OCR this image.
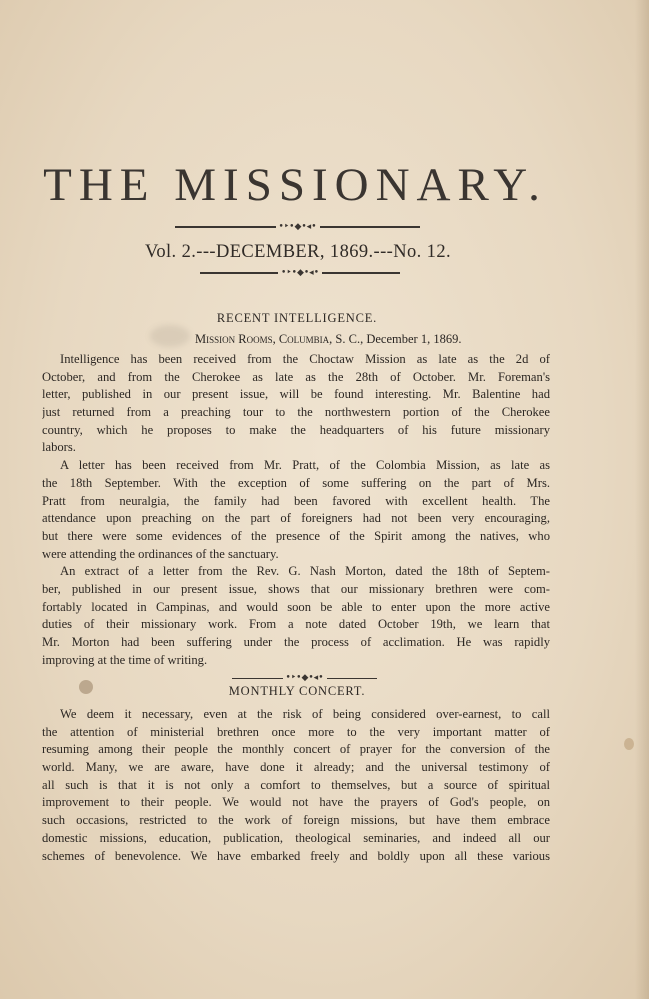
THE MISSIONARY.
•‣•◆•◂•
Vol. 2.---DECEMBER, 1869.---No. 12.
•‣•◆•◂•
RECENT INTELLIGENCE.
Mission Rooms, Columbia, S. C., December 1, 1869.
Intelligence has been received from the Choctaw Mission as late as the 2d of
October, and from the Cherokee as late as the 28th of October. Mr. Foreman's
letter, published in our present issue, will be found interesting. Mr. Balentine had
just returned from a preaching tour to the northwestern portion of the Cherokee
country, which he proposes to make the headquarters of his future missionary
labors.
A letter has been received from Mr. Pratt, of the Colombia Mission, as late as
the 18th September. With the exception of some suffering on the part of Mrs.
Pratt from neuralgia, the family had been favored with excellent health. The
attendance upon preaching on the part of foreigners had not been very encouraging,
but there were some evidences of the presence of the Spirit among the natives, who
were attending the ordinances of the sanctuary.
An extract of a letter from the Rev. G. Nash Morton, dated the 18th of Septem-
ber, published in our present issue, shows that our missionary brethren were com-
fortably located in Campinas, and would soon be able to enter upon the more active
duties of their missionary work. From a note dated October 19th, we learn that
Mr. Morton had been suffering under the process of acclimation. He was rapidly
improving at the time of writing.
•‣•◆•◂•
MONTHLY CONCERT.
We deem it necessary, even at the risk of being considered over-earnest, to call
the attention of ministerial brethren once more to the very important matter of
resuming among their people the monthly concert of prayer for the conversion of the
world. Many, we are aware, have done it already; and the universal testimony of
all such is that it is not only a comfort to themselves, but a source of spiritual
improvement to their people. We would not have the prayers of God's people, on
such occasions, restricted to the work of foreign missions, but have them embrace
domestic missions, education, publication, theological seminaries, and indeed all our
schemes of benevolence. We have embarked freely and boldly upon all these various
